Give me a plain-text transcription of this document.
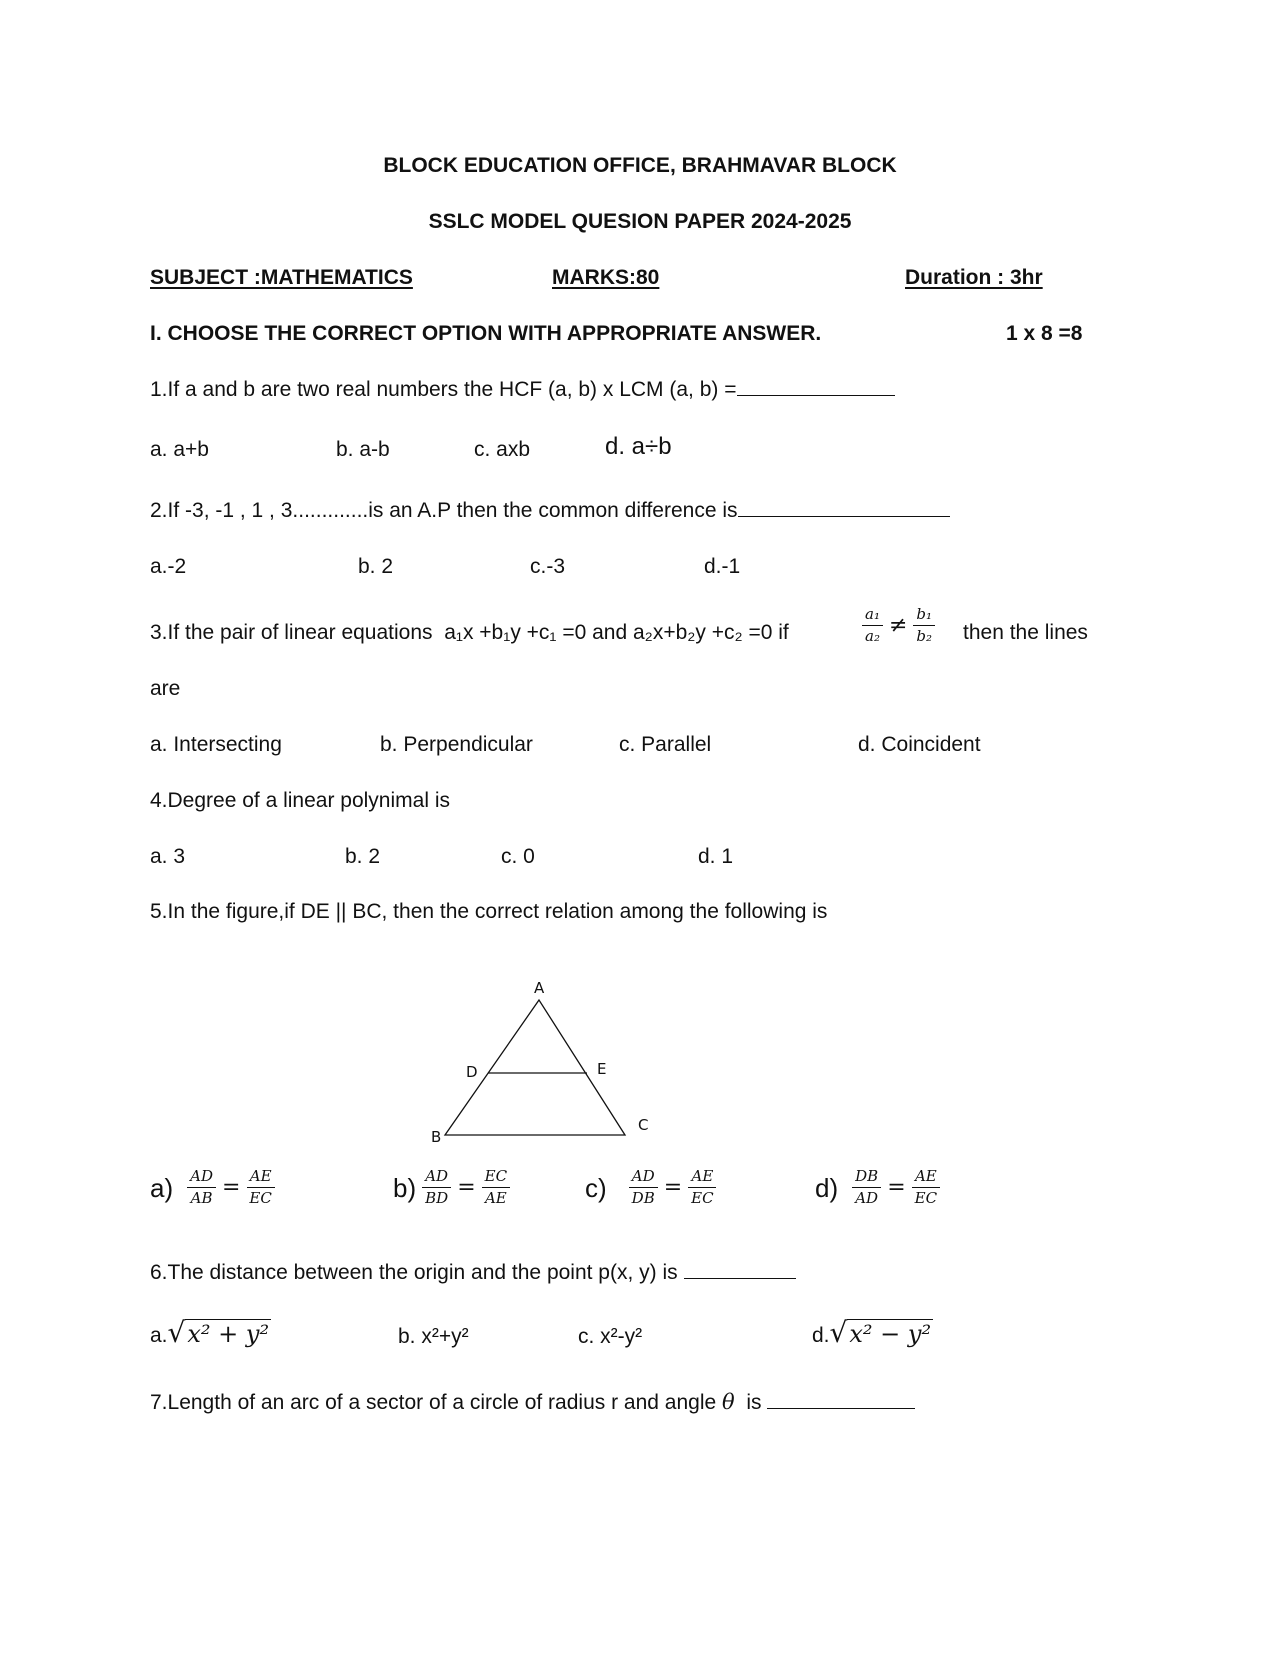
BLOCK EDUCATION OFFICE, BRAHMAVAR BLOCK
SSLC MODEL QUESION PAPER 2024-2025
SUBJECT :MATHEMATICS	MARKS:80	Duration : 3hr
I. CHOOSE THE CORRECT OPTION WITH APPROPRIATE ANSWER.	1 x 8 =8
1.If a and b are two real numbers the HCF (a, b) x LCM (a, b) =
a. a+b	b. a-b	c. axb	d. a÷b
2.If -3, -1 , 1 , 3.............is an A.P then the common difference is
a.-2	b. 2	c.-3	d.-1
3.If the pair of linear equations  a₁x +b₁y +c₁ =0 and a₂x+b₂y +c₂ =0 if	$\frac{\text{a₁}}{\text{a₂}} \ne \frac{\text{b₁}}{\text{b₂}}$ then the lines
are
a. Intersecting	b. Perpendicular	c. Parallel	d. Coincident
4.Degree of a linear polynimal is
a. 3	b. 2	c. 0	d. 1
5.In the figure,if DE || BC, then the correct relation among the following is
A
B
C
D	E
$a) \frac{AD}{AB} = \frac{AE}{EC}$	$b) \frac{AD}{BD} = \frac{EC}{AE}$	$c) \frac{AD}{DB} = \frac{AE}{EC}$	$d) \frac{DB}{AD} = \frac{AE}{EC}$
6.The distance between the origin and the point p(x, y) is
a. √ x² + y²	b. x²+y²	c. x²-y²	d. √ x² − y²
7.Length of an arc of a sector of a circle of radius r and angle θ is
